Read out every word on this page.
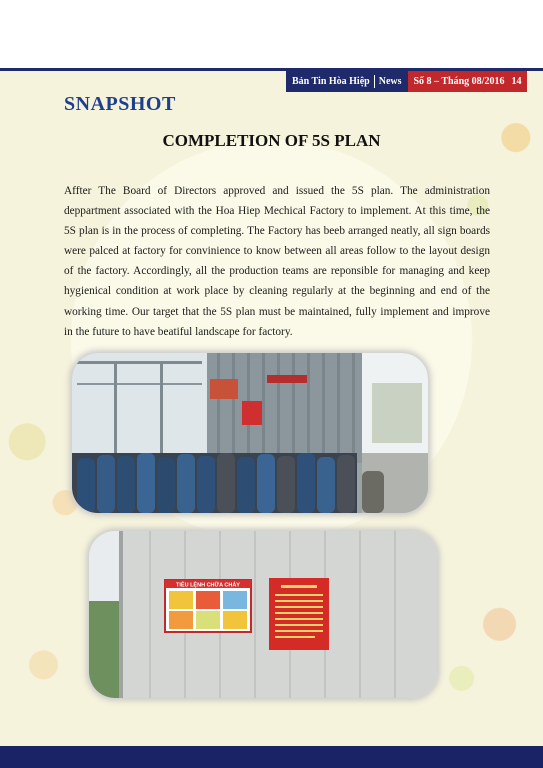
Bản Tin Hòa Hiệp News Số 8 – Tháng 08/2016 14
SNAPSHOT
COMPLETION OF 5S PLAN
Affter The Board of Directors approved and issued the 5S plan. The administration deppartment associated with the Hoa Hiep Mechical Factory to implement. At this time, the 5S plan is in the process of completing. The Factory has beeb arranged neatly, all sign boards were palced at factory for convinience to know between all areas follow to the layout design of the factory. Accordingly, all the production teams are reponsible for managing and keep hygienical condition at work place by cleaning regularly at the beginning and end of the working time. Our target that the 5S plan must be maintained, fully implement and improve in the future to have beatiful landscape for factory.
TIÊU LỆNH CHỮA CHÁY
